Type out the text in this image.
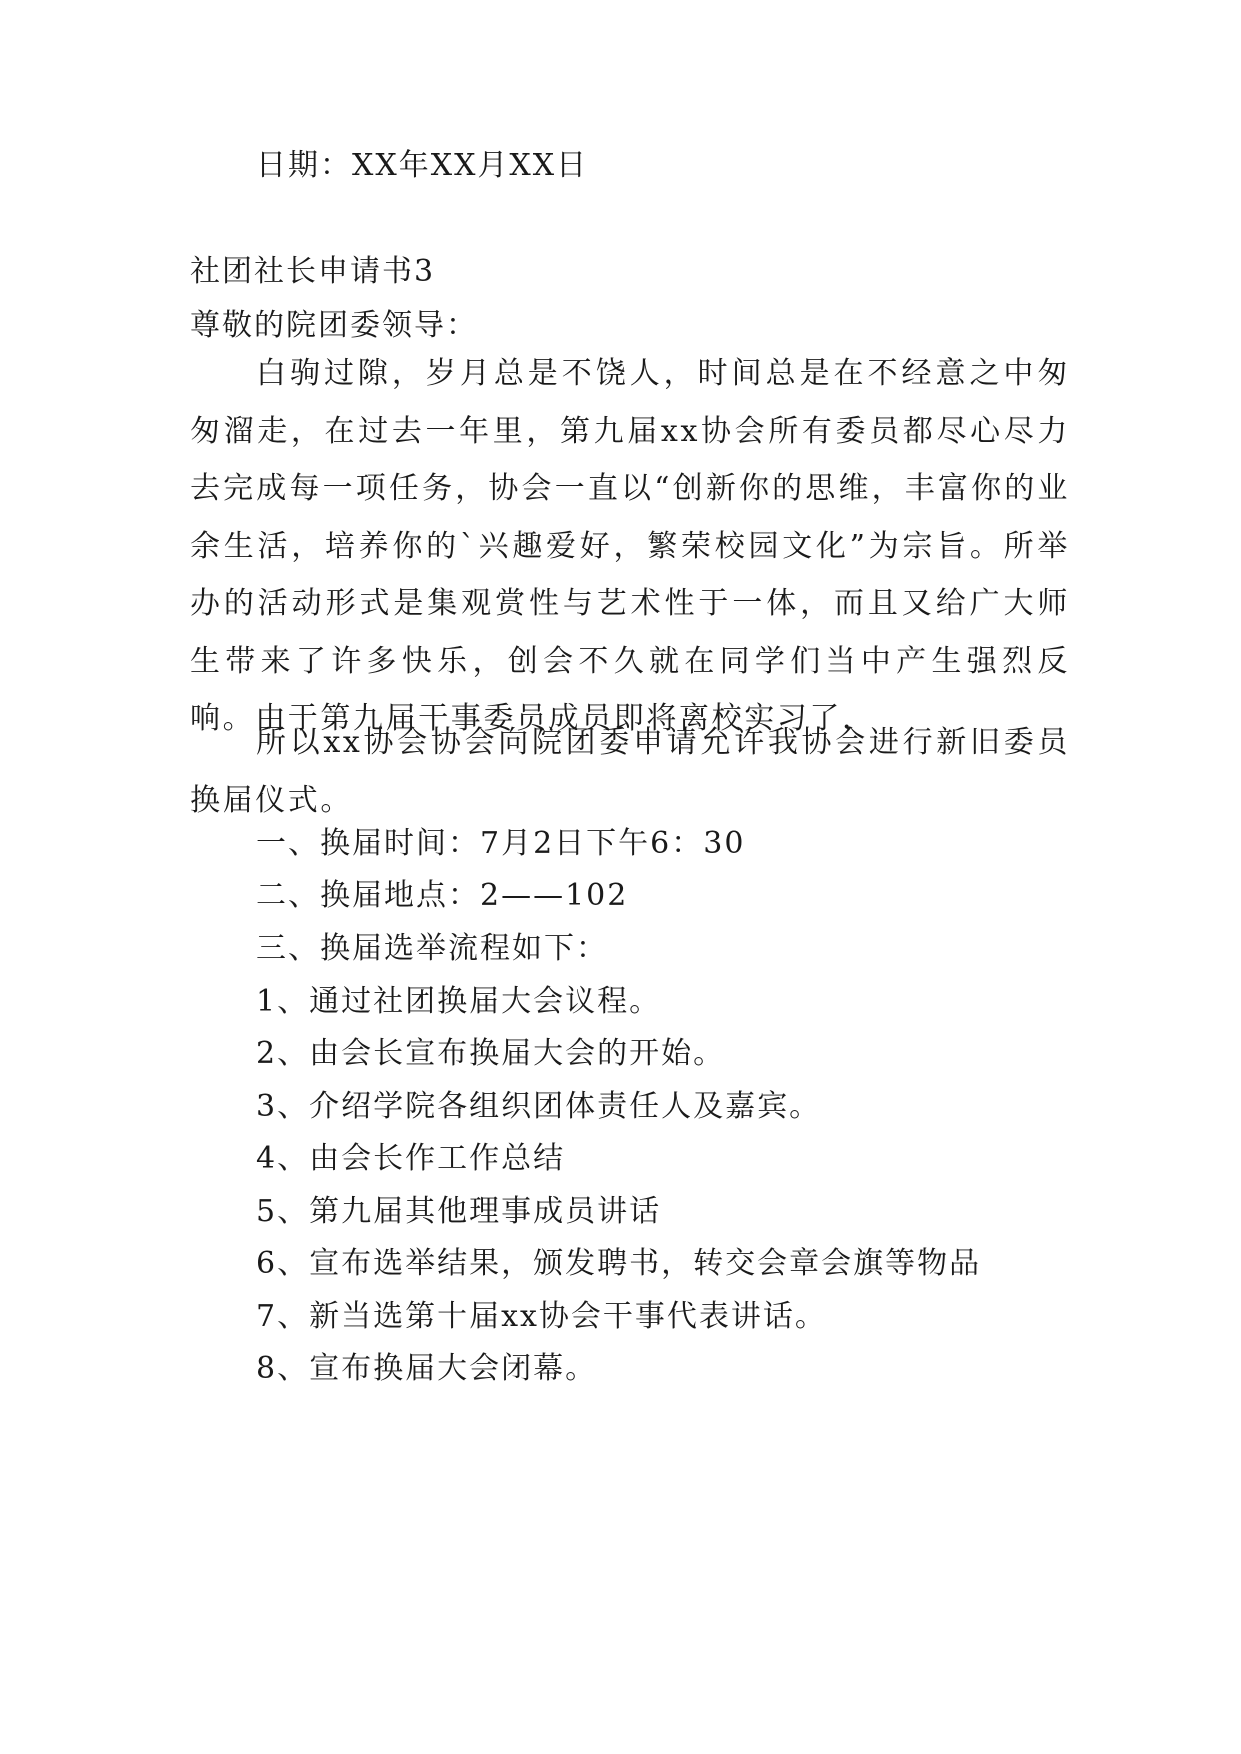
日期：XX年XX月XX日
社团社长申请书3
尊敬的院团委领导：

白驹过隙，岁月总是不饶人，时间总是在不经意之中匆匆溜走，在过去一年里，第九届xx协会所有委员都尽心尽力去完成每一项任务，协会一直以“创新你的思维，丰富你的业余生活，培养你的`兴趣爱好，繁荣校园文化”为宗旨。所举办的活动形式是集观赏性与艺术性于一体，而且又给广大师生带来了许多快乐，创会不久就在同学们当中产生强烈反响。由于第九届干事委员成员即将离校实习了，

所以xx协会协会向院团委申请允许我协会进行新旧委员换届仪式。

一、换届时间：7月2日下午6：30
二、换届地点：2——102
三、换届选举流程如下：
1、通过社团换届大会议程。
2、由会长宣布换届大会的开始。
3、介绍学院各组织团体责任人及嘉宾。
4、由会长作工作总结
5、第九届其他理事成员讲话
6、宣布选举结果，颁发聘书，转交会章会旗等物品
7、新当选第十届xx协会干事代表讲话。
8、宣布换届大会闭幕。
